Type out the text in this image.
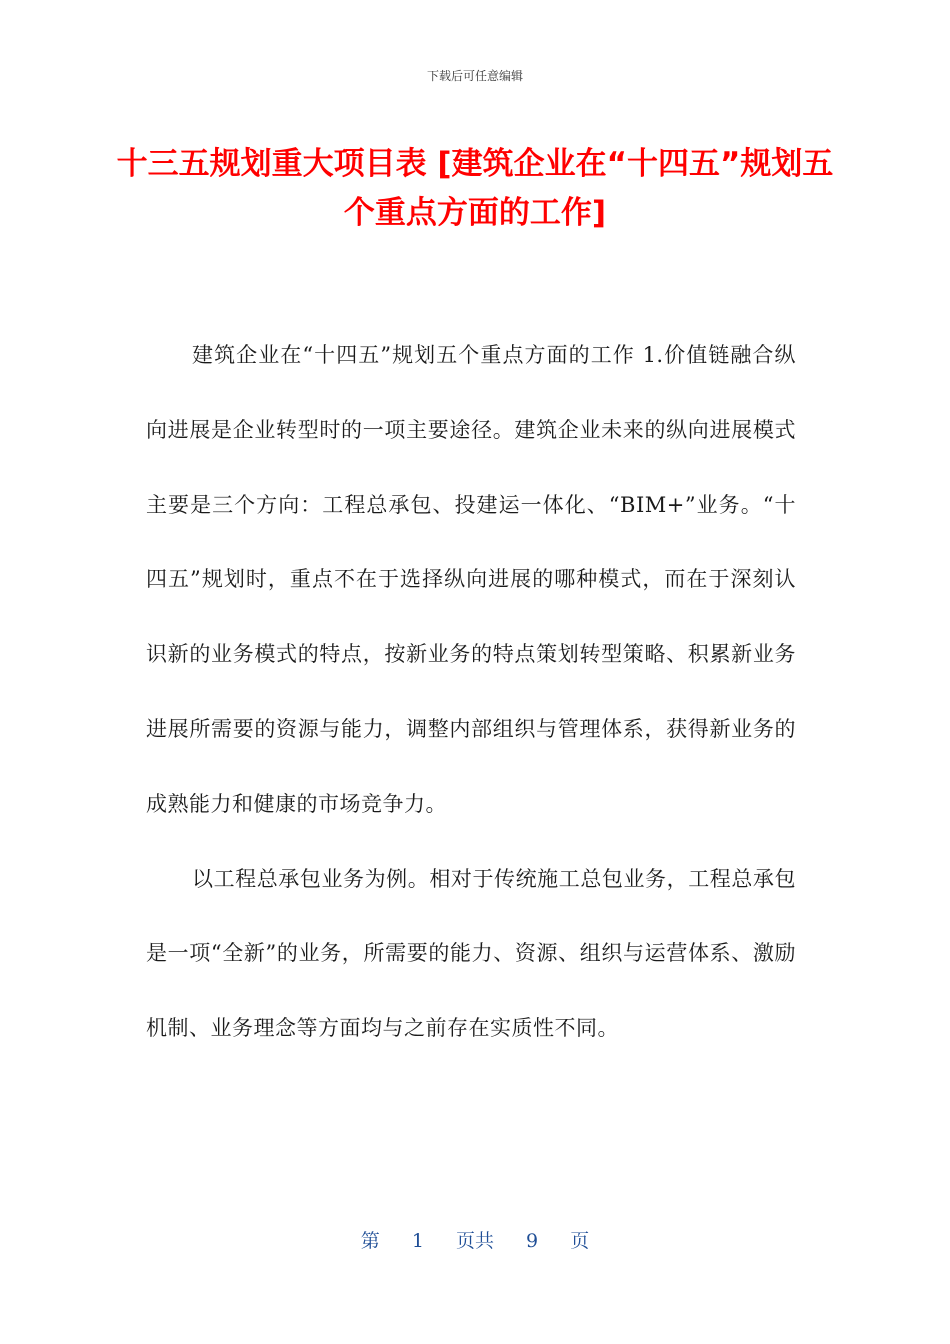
下载后可任意编辑
十三五规划重大项目表 [建筑企业在“十四五”规划五个重点方面的工作]

建筑企业在“十四五”规划五个重点方面的工作 1.价值链融合纵向进展是企业转型时的一项主要途径。建筑企业未来的纵向进展模式主要是三个方向：工程总承包、投建运一体化、“BIM+”业务。“十四五”规划时，重点不在于选择纵向进展的哪种模式，而在于深刻认识新的业务模式的特点，按新业务的特点策划转型策略、积累新业务进展所需要的资源与能力，调整内部组织与管理体系，获得新业务的成熟能力和健康的市场竞争力。

以工程总承包业务为例。相对于传统施工总包业务，工程总承包是一项“全新”的业务，所需要的能力、资源、组织与运营体系、激励机制、业务理念等方面均与之前存在实质性不同。

第 1 页共 9 页
